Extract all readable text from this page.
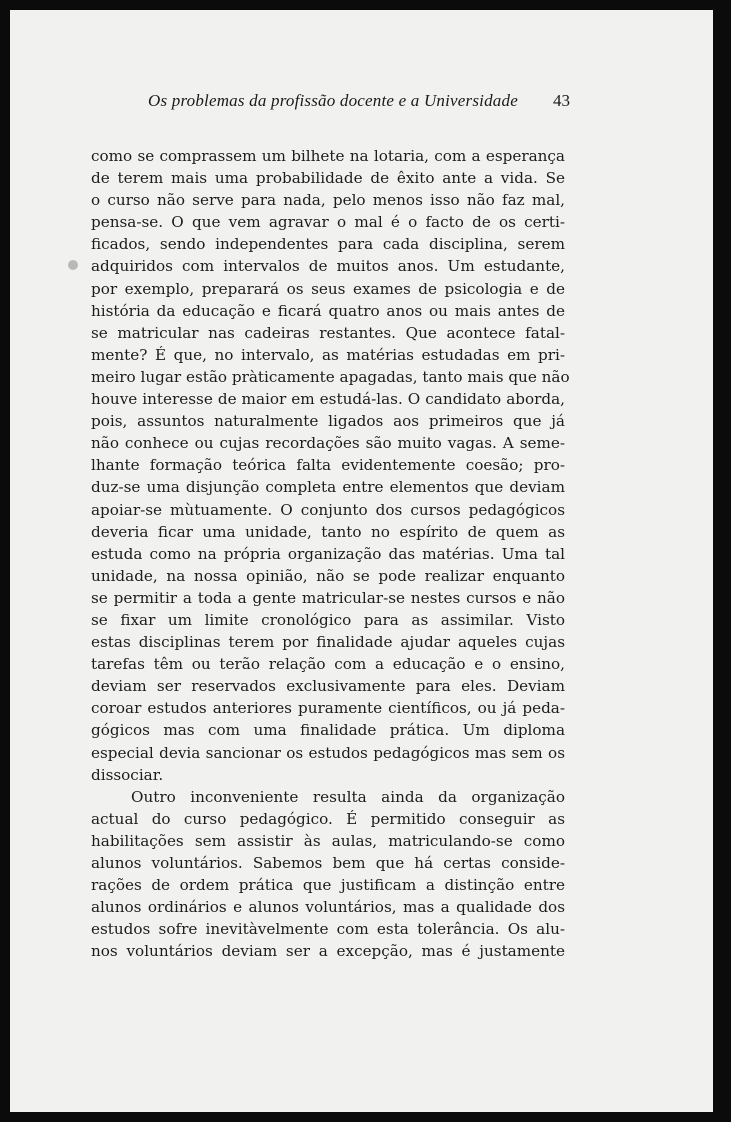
Os problemas da profissão docente e a Universidade	43
como se comprassem um bilhete na lotaria, com a esperança
de terem mais uma probabilidade de êxito ante a vida. Se
o curso não serve para nada, pelo menos isso não faz mal,
pensa-se. O que vem agravar o mal é o facto de os certi-
ficados, sendo independentes para cada disciplina, serem
adquiridos com intervalos de muitos anos. Um estudante,
por exemplo, preparará os seus exames de psicologia e de
história da educação e ficará quatro anos ou mais antes de
se matricular nas cadeiras restantes. Que acontece fatal-
mente? É que, no intervalo, as matérias estudadas em pri-
meiro lugar estão pràticamente apagadas, tanto mais que não
houve interesse de maior em estudá-las. O candidato aborda,
pois, assuntos naturalmente ligados aos primeiros que já
não conhece ou cujas recordações são muito vagas. A seme-
lhante formação teórica falta evidentemente coesão; pro-
duz-se uma disjunção completa entre elementos que deviam
apoiar-se mùtuamente. O conjunto dos cursos pedagógicos
deveria ficar uma unidade, tanto no espírito de quem as
estuda como na própria organização das matérias. Uma tal
unidade, na nossa opinião, não se pode realizar enquanto
se permitir a toda a gente matricular-se nestes cursos e não
se fixar um limite cronológico para as assimilar. Visto
estas disciplinas terem por finalidade ajudar aqueles cujas
tarefas têm ou terão relação com a educação e o ensino,
deviam ser reservados exclusivamente para eles. Deviam
coroar estudos anteriores puramente científicos, ou já peda-
gógicos mas com uma finalidade prática. Um diploma
especial devia sancionar os estudos pedagógicos mas sem os
dissociar.
Outro inconveniente resulta ainda da organização
actual do curso pedagógico. É permitido conseguir as
habilitações sem assistir às aulas, matriculando-se como
alunos voluntários. Sabemos bem que há certas conside-
rações de ordem prática que justificam a distinção entre
alunos ordinários e alunos voluntários, mas a qualidade dos
estudos sofre inevitàvelmente com esta tolerância. Os alu-
nos voluntários deviam ser a excepção, mas é justamente
